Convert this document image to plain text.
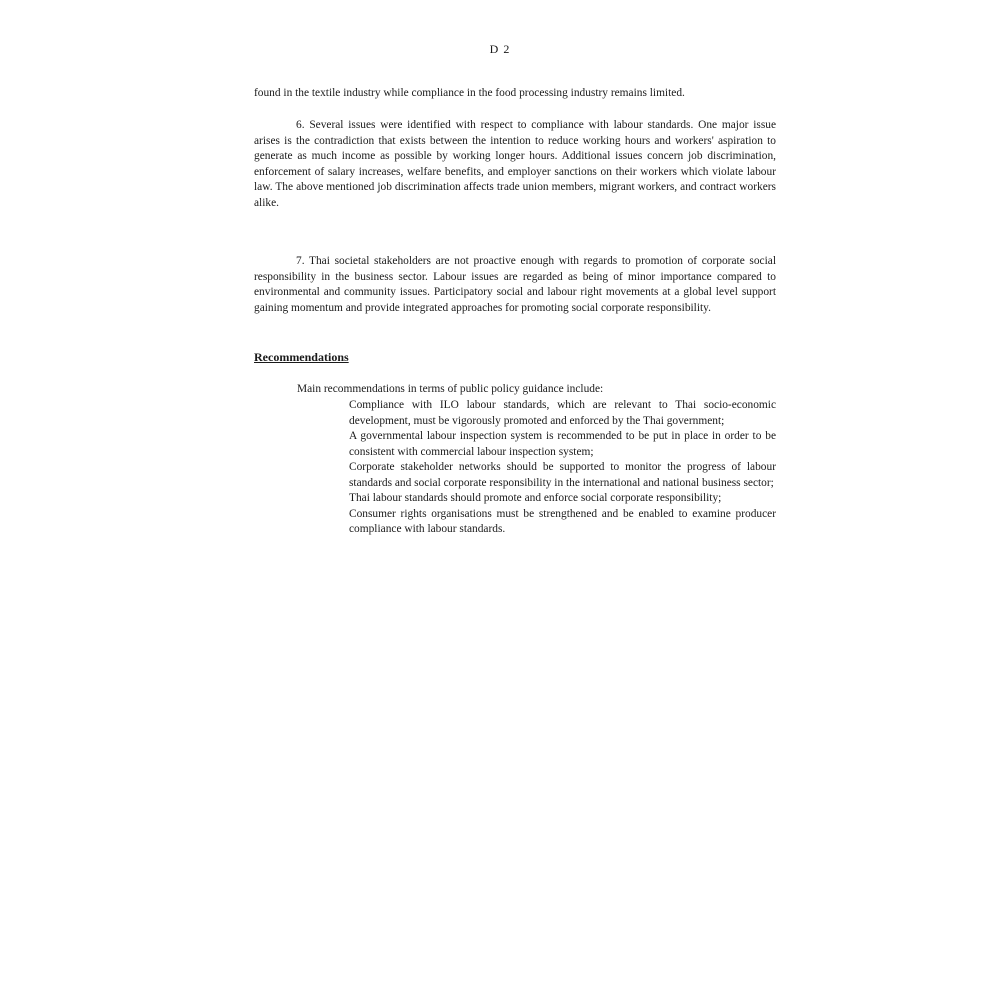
D 2
found in the textile industry while compliance in the food processing industry remains limited.
6. Several issues were identified with respect to compliance with labour standards. One major issue arises is the contradiction that exists between the intention to reduce working hours and workers' aspiration to generate as much income as possible by working longer hours. Additional issues concern job discrimination, enforcement of salary increases, welfare benefits, and employer sanctions on their workers which violate labour law. The above mentioned job discrimination affects trade union members, migrant workers, and contract workers alike.
7. Thai societal stakeholders are not proactive enough with regards to promotion of corporate social responsibility in the business sector. Labour issues are regarded as being of minor importance compared to environmental and community issues. Participatory social and labour right movements at a global level support gaining momentum and provide integrated approaches for promoting social corporate responsibility.
Recommendations
Main recommendations in terms of public policy guidance include:
Compliance with ILO labour standards, which are relevant to Thai socio-economic development, must be vigorously promoted and enforced by the Thai government;
A governmental labour inspection system is recommended to be put in place in order to be consistent with commercial labour inspection system;
Corporate stakeholder networks should be supported to monitor the progress of labour standards and social corporate responsibility in the international and national business sector;
Thai labour standards should promote and enforce social corporate responsibility;
Consumer rights organisations must be strengthened and be enabled to examine producer compliance with labour standards.
